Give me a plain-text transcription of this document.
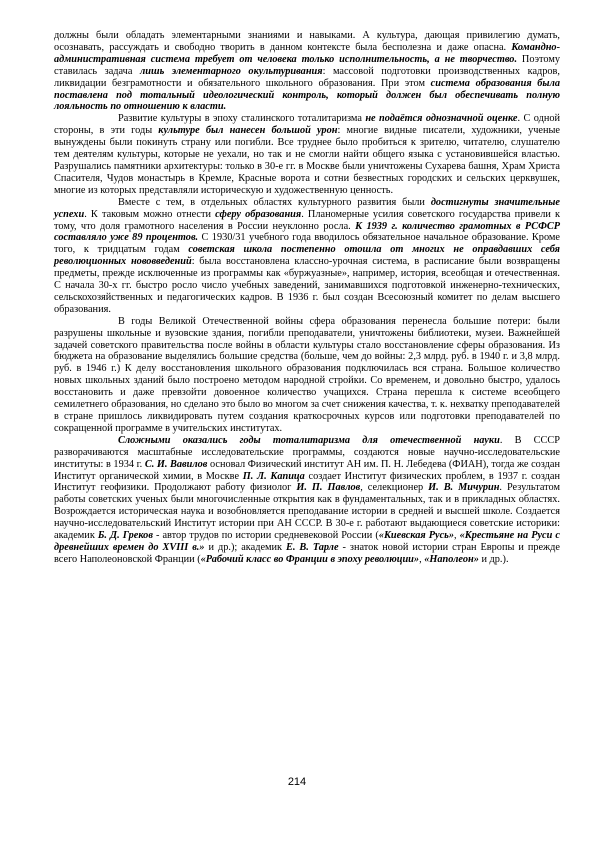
должны были обладать элементарными знаниями и навыками. А культура, дающая привилегию думать, осознавать, рассуждать и свободно творить в данном контексте была бесполезна и даже опасна. Командно-административная система требует от человека только исполнительность, а не творчество. Поэтому ставилась задача лишь элементарного окультуривания: массовой подготовки производственных кадров, ликвидации безграмотности и обязательного школьного образования. При этом система образования была поставлена под тотальный идеологический контроль, который должен был обеспечивать полную лояльность по отношению к власти.

Развитие культуры в эпоху сталинского тоталитаризма не подаётся однозначной оценке. С одной стороны, в эти годы культуре был нанесен большой урон: многие видные писатели, художники, ученые вынуждены были покинуть страну или погибли. Все труднее было пробиться к зрителю, читателю, слушателю тем деятелям культуры, которые не уехали, но так и не смогли найти общего языка с установившейся властью. Разрушались памятники архитектуры: только в 30-е гг. в Москве были уничтожены Сухарева башня, Храм Христа Спасителя, Чудов монастырь в Кремле, Красные ворота и сотни безвестных городских и сельских церквушек, многие из которых представляли историческую и художественную ценность.

Вместе с тем, в отдельных областях культурного развития были достигнуты значительные успехи. К таковым можно отнести сферу образования. Планомерные усилия советского государства привели к тому, что доля грамотного населения в России неуклонно росла. К 1939 г. количество грамотных в РСФСР составляло уже 89 процентов. С 1930/31 учебного года вводилось обязательное начальное образование. Кроме того, к тридцатым годам советская школа постепенно отошла от многих не оправдавших себя революционных нововведений: была восстановлена классно-урочная система, в расписание были возвращены предметы, прежде исключенные из программы как «буржуазные», например, история, всеобщая и отечественная. С начала 30-х гг. быстро росло число учебных заведений, занимавшихся подготовкой инженерно-технических, сельскохозяйственных и педагогических кадров. В 1936 г. был создан Всесоюзный комитет по делам высшего образования.

В годы Великой Отечественной войны сфера образования перенесла большие потери: были разрушены школьные и вузовские здания, погибли преподаватели, уничтожены библиотеки, музеи. Важнейшей задачей советского правительства после войны в области культуры стало восстановление сферы образования. Из бюджета на образование выделялись большие средства (больше, чем до войны: 2,3 млрд. руб. в 1940 г. и 3,8 млрд. руб. в 1946 г.) К делу восстановления школьного образования подключилась вся страна. Большое количество новых школьных зданий было построено методом народной стройки. Со временем, и довольно быстро, удалось восстановить и даже превзойти довоенное количество учащихся. Страна перешла к системе всеобщего семилетнего образования, но сделано это было во многом за счет снижения качества, т. к. нехватку преподавателей в стране пришлось ликвидировать путем создания краткосрочных курсов или подготовки преподавателей по сокращенной программе в учительских институтах.

Сложными оказались годы тоталитаризма для отечественной науки. В СССР разворачиваются масштабные исследовательские программы, создаются новые научно-исследовательские институты: в 1934 г. С. И. Вавилов основал Физический институт АН им. П. Н. Лебедева (ФИАН), тогда же создан Институт органической химии, в Москве П. Л. Капица создает Институт физических проблем, в 1937 г. создан Институт геофизики. Продолжают работу физиолог И. П. Павлов, селекционер И. В. Мичурин. Результатом работы советских ученых были многочисленные открытия как в фундаментальных, так и в прикладных областях. Возрождается историческая наука и возобновляется преподавание истории в средней и высшей школе. Создается научно-исследовательский Институт истории при АН СССР. В 30-е г. работают выдающиеся советские историки: академик Б. Д. Греков - автор трудов по истории средневековой России («Киевская Русь», «Крестьяне на Руси с древнейших времен до XVIII в.» и др.); академик Е. В. Тарле - знаток новой истории стран Европы и прежде всего Наполеоновской Франции («Рабочий класс во Франции в эпоху революции», «Наполеон» и др.).

214
